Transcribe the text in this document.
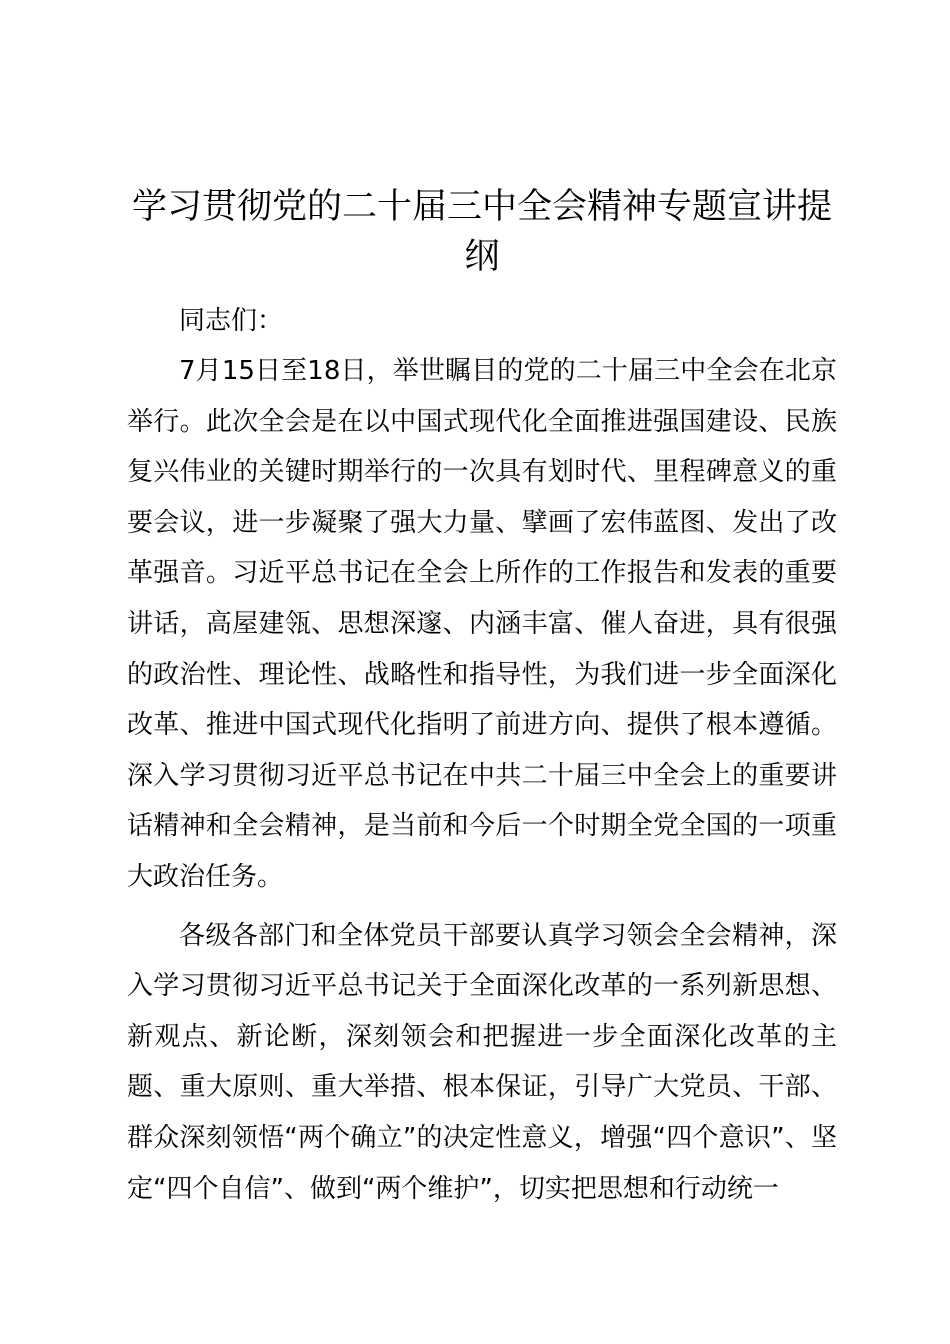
学习贯彻党的二十届三中全会精神专题宣讲提纲

同志们：

7月15日至18日，举世瞩目的党的二十届三中全会在北京举行。此次全会是在以中国式现代化全面推进强国建设、民族复兴伟业的关键时期举行的一次具有划时代、里程碑意义的重要会议，进一步凝聚了强大力量、擘画了宏伟蓝图、发出了改革强音。习近平总书记在全会上所作的工作报告和发表的重要讲话，高屋建瓴、思想深邃、内涵丰富、催人奋进，具有很强的政治性、理论性、战略性和指导性，为我们进一步全面深化改革、推进中国式现代化指明了前进方向、提供了根本遵循。深入学习贯彻习近平总书记在中共二十届三中全会上的重要讲话精神和全会精神，是当前和今后一个时期全党全国的一项重大政治任务。

各级各部门和全体党员干部要认真学习领会全会精神，深入学习贯彻习近平总书记关于全面深化改革的一系列新思想、新观点、新论断，深刻领会和把握进一步全面深化改革的主题、重大原则、重大举措、根本保证，引导广大党员、干部、群众深刻领悟“两个确立”的决定性意义，增强“四个意识”、坚定“四个自信”、做到“两个维护”，切实把思想和行动统一
